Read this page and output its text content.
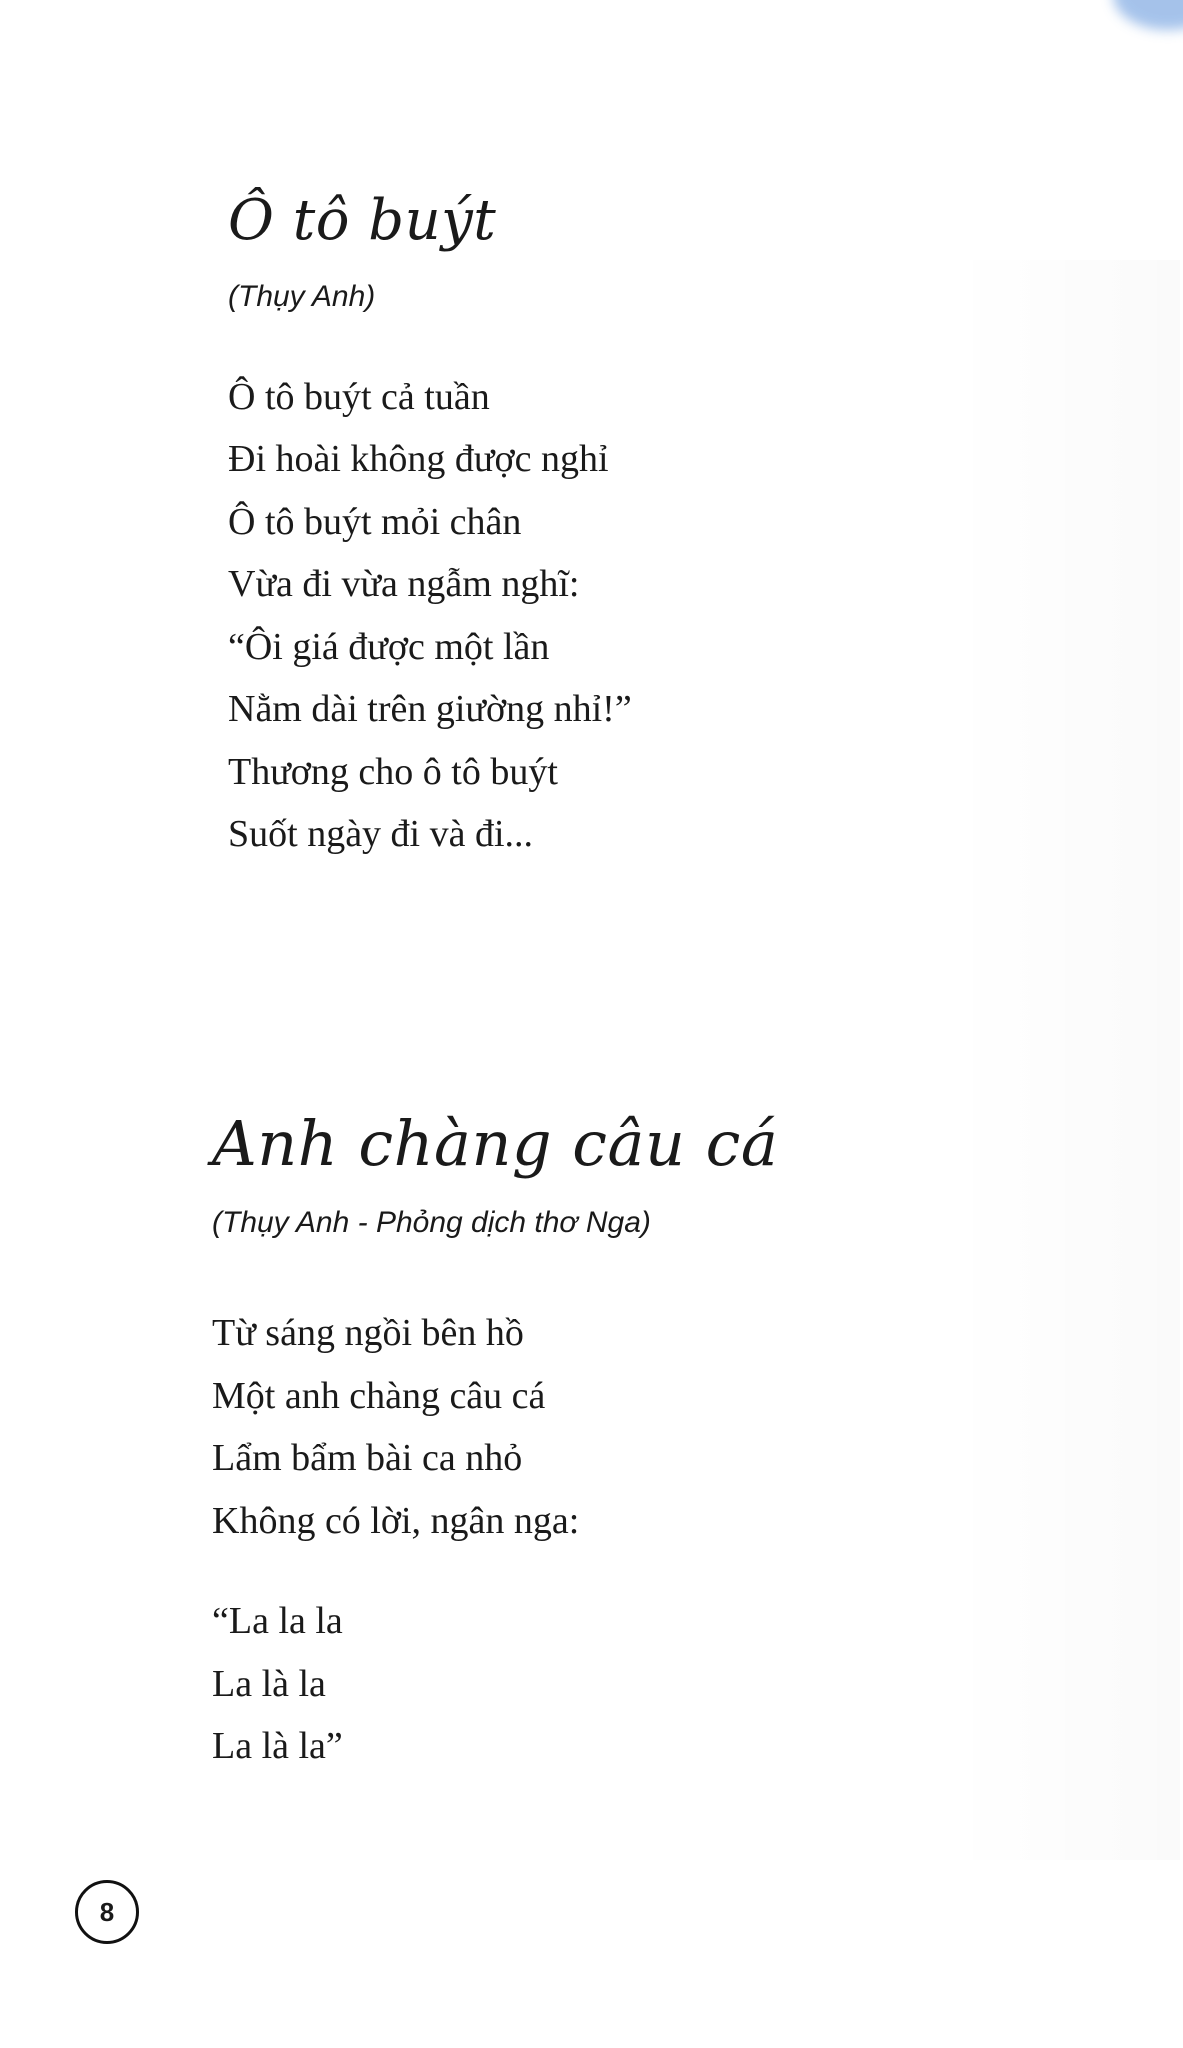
Ô tô buýt

(Thụy Anh)

Ô tô buýt cả tuần
Đi hoài không được nghỉ
Ô tô buýt mỏi chân
Vừa đi vừa ngẫm nghĩ:
“Ôi giá được một lần
Nằm dài trên giường nhỉ!”
Thương cho ô tô buýt
Suốt ngày đi và đi...
Anh chàng câu cá

(Thụy Anh - Phỏng dịch thơ Nga)

Từ sáng ngồi bên hồ
Một anh chàng câu cá
Lẩm bẩm bài ca nhỏ
Không có lời, ngân nga:
“La la la
La là la
La là la”
8
